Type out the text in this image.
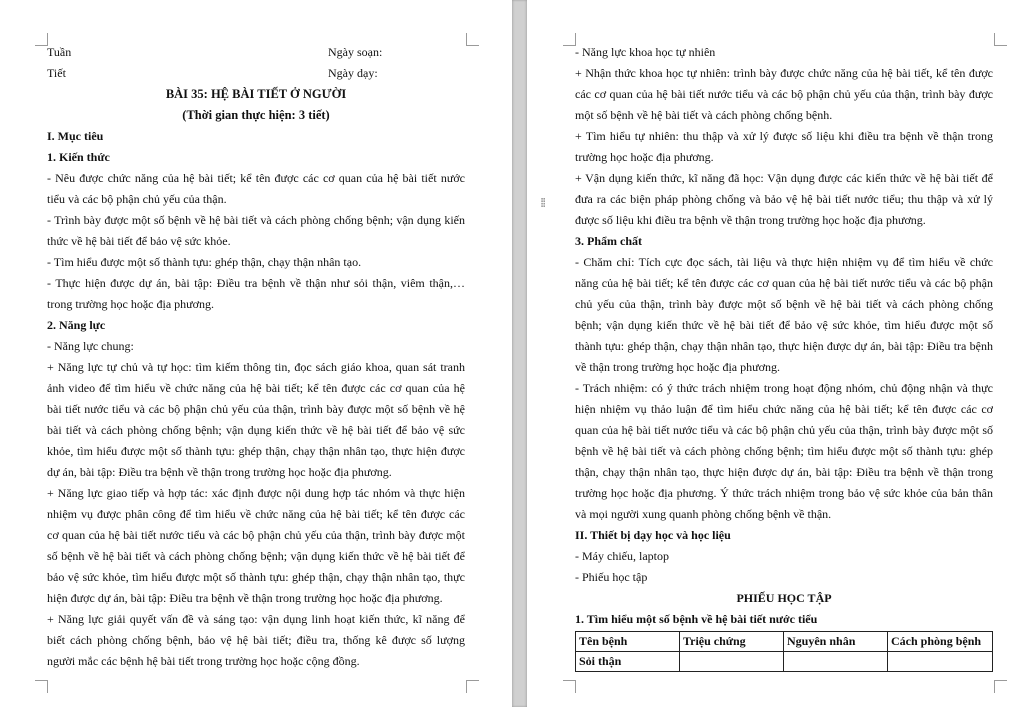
Tuần	Ngày soạn:
Tiết	Ngày dạy:
BÀI 35: HỆ BÀI TIẾT Ở NGƯỜI
(Thời gian thực hiện: 3 tiết)
I. Mục tiêu
1. Kiến thức
- Nêu được chức năng của hệ bài tiết; kể tên được các cơ quan của hệ bài tiết nước
tiểu và các bộ phận chủ yếu của thận.
- Trình bày được một số bệnh về hệ bài tiết và cách phòng chống bệnh; vận dụng kiến
thức về hệ bài tiết để bảo vệ sức khỏe.
- Tìm hiểu được một số thành tựu: ghép thận, chạy thận nhân tạo.
- Thực hiện được dự án, bài tập: Điều tra bệnh về thận như sỏi thận, viêm thận,…
trong trường học hoặc địa phương.
2. Năng lực
- Năng lực chung:
+ Năng lực tự chủ và tự học: tìm kiếm thông tin, đọc sách giáo khoa, quan sát tranh
ảnh video để tìm hiểu về chức năng của hệ bài tiết; kể tên được các cơ quan của hệ
bài tiết nước tiểu và các bộ phận chủ yếu của thận, trình bày được một số bệnh về hệ
bài tiết và cách phòng chống bệnh; vận dụng kiến thức về hệ bài tiết để bảo vệ sức
khỏe, tìm hiểu được một số thành tựu: ghép thận, chạy thận nhân tạo, thực hiện được
dự án, bài tập: Điều tra bệnh về thận trong trường học hoặc địa phương.
+ Năng lực giao tiếp và hợp tác: xác định được nội dung hợp tác nhóm và thực hiện
nhiệm vụ được phân công để tìm hiểu về chức năng của hệ bài tiết; kể tên được các
cơ quan của hệ bài tiết nước tiểu và các bộ phận chủ yếu của thận, trình bày được một
số bệnh về hệ bài tiết và cách phòng chống bệnh; vận dụng kiến thức về hệ bài tiết để
bảo vệ sức khỏe, tìm hiểu được một số thành tựu: ghép thận, chạy thận nhân tạo, thực
hiện được dự án, bài tập: Điều tra bệnh về thận trong trường học hoặc địa phương.
+ Năng lực giải quyết vấn đề và sáng tạo: vận dụng linh hoạt kiến thức, kĩ năng để
biết cách phòng chống bệnh, bảo vệ hệ bài tiết; điều tra, thống kê được số lượng
người mắc các bệnh hệ bài tiết trong trường học hoặc cộng đồng.
- Năng lực khoa học tự nhiên
+ Nhận thức khoa học tự nhiên: trình bày được chức năng của hệ bài tiết, kể tên được
các cơ quan của hệ bài tiết nước tiểu và các bộ phận chủ yếu của thận, trình bày được
một số bệnh về hệ bài tiết và cách phòng chống bệnh.
+ Tìm hiểu tự nhiên: thu thập và xử lý được số liệu khi điều tra bệnh về thận trong
trường học hoặc địa phương.
+ Vận dụng kiến thức, kĩ năng đã học: Vận dụng được các kiến thức về hệ bài tiết để
đưa ra các biện pháp phòng chống và bảo vệ hệ bài tiết nước tiểu; thu thập và xử lý
được số liệu khi điều tra bệnh về thận trong trường học hoặc địa phương.
3. Phẩm chất
- Chăm chỉ: Tích cực đọc sách, tài liệu và thực hiện nhiệm vụ để tìm hiểu về chức
năng của hệ bài tiết; kể tên được các cơ quan của hệ bài tiết nước tiểu và các bộ phận
chủ yếu của thận, trình bày được một số bệnh về hệ bài tiết và cách phòng chống
bệnh; vận dụng kiến thức về hệ bài tiết để bảo vệ sức khỏe, tìm hiểu được một số
thành tựu: ghép thận, chạy thận nhân tạo, thực hiện được dự án, bài tập: Điều tra bệnh
về thận trong trường học hoặc địa phương.
- Trách nhiệm: có ý thức trách nhiệm trong hoạt động nhóm, chủ động nhận và thực
hiện nhiệm vụ thảo luận để tìm hiểu chức năng của hệ bài tiết; kể tên được các cơ
quan của hệ bài tiết nước tiểu và các bộ phận chủ yếu của thận, trình bày được một số
bệnh về hệ bài tiết và cách phòng chống bệnh; tìm hiểu được một số thành tựu: ghép
thận, chạy thận nhân tạo, thực hiện được dự án, bài tập: Điều tra bệnh về thận trong
trường học hoặc địa phương. Ý thức trách nhiệm trong bảo vệ sức khỏe của bản thân
và mọi người xung quanh phòng chống bệnh về thận.
II. Thiết bị dạy học và học liệu
- Máy chiếu, laptop
- Phiếu học tập
PHIẾU HỌC TẬP
1. Tìm hiểu một số bệnh về hệ bài tiết nước tiểu
Tên bệnh	Triệu chứng	Nguyên nhân	Cách phòng bệnh
Sỏi thận			
⁞⁞
